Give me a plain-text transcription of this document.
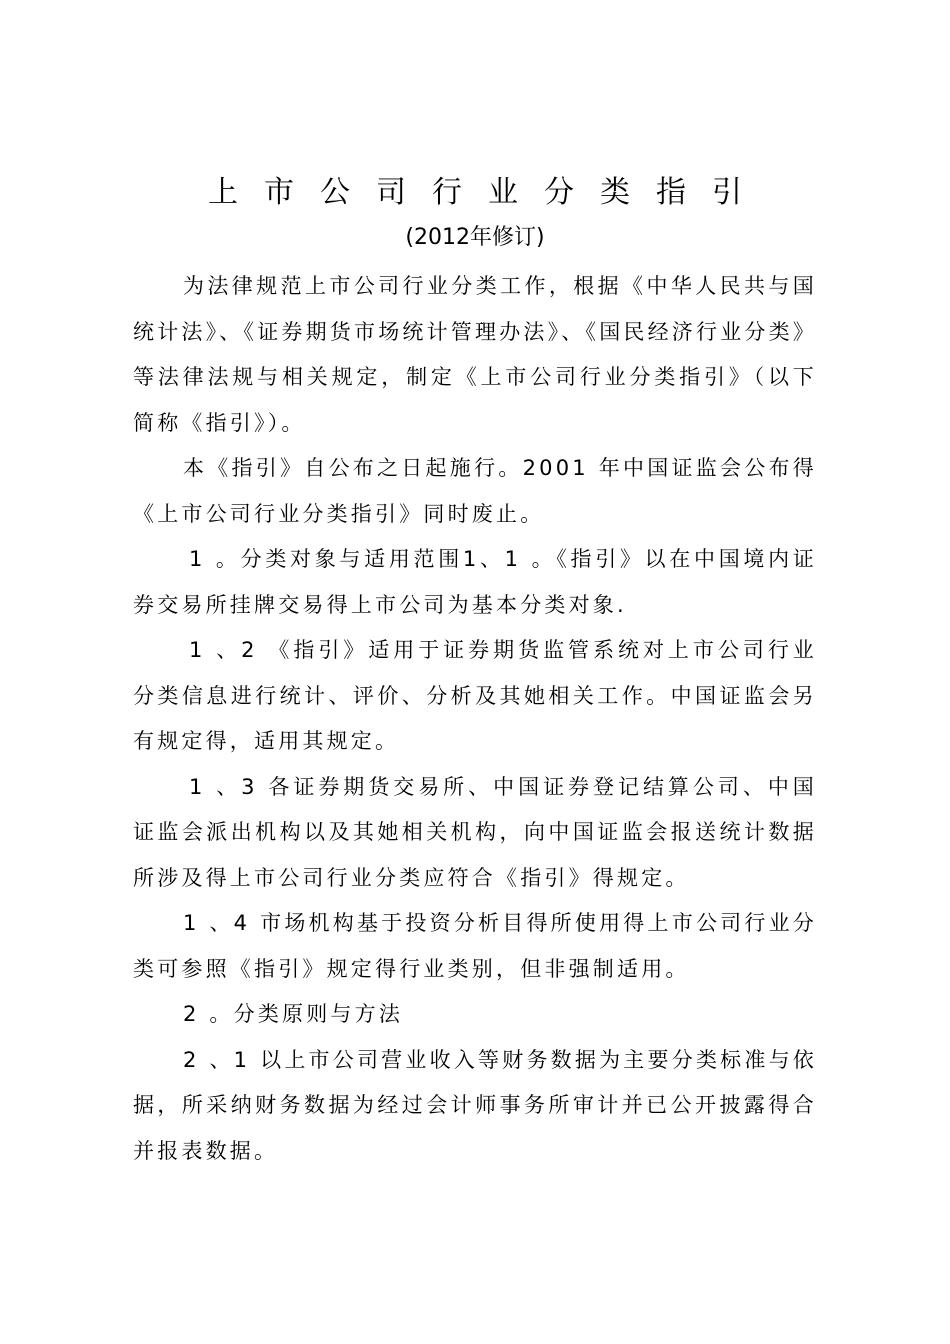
上市公司行业分类指引
(2012年修订)

为法律规范上市公司行业分类工作，根据《中华人民共与国统计法》、《证券期货市场统计管理办法》、《国民经济行业分类》等法律法规与相关规定，制定《上市公司行业分类指引》（以下简称《指引》）。

本《指引》自公布之日起施行。2001 年中国证监会公布得《上市公司行业分类指引》同时废止。

1 。分类对象与适用范围1、1 。《指引》以在中国境内证券交易所挂牌交易得上市公司为基本分类对象.

1 、2 《指引》适用于证券期货监管系统对上市公司行业分类信息进行统计、评价、分析及其她相关工作。中国证监会另有规定得，适用其规定。

1 、3 各证券期货交易所、中国证券登记结算公司、中国证监会派出机构以及其她相关机构，向中国证监会报送统计数据所涉及得上市公司行业分类应符合《指引》得规定。

1 、4 市场机构基于投资分析目得所使用得上市公司行业分类可参照《指引》规定得行业类别，但非强制适用。

2 。分类原则与方法

2 、1 以上市公司营业收入等财务数据为主要分类标准与依据，所采纳财务数据为经过会计师事务所审计并已公开披露得合并报表数据。
